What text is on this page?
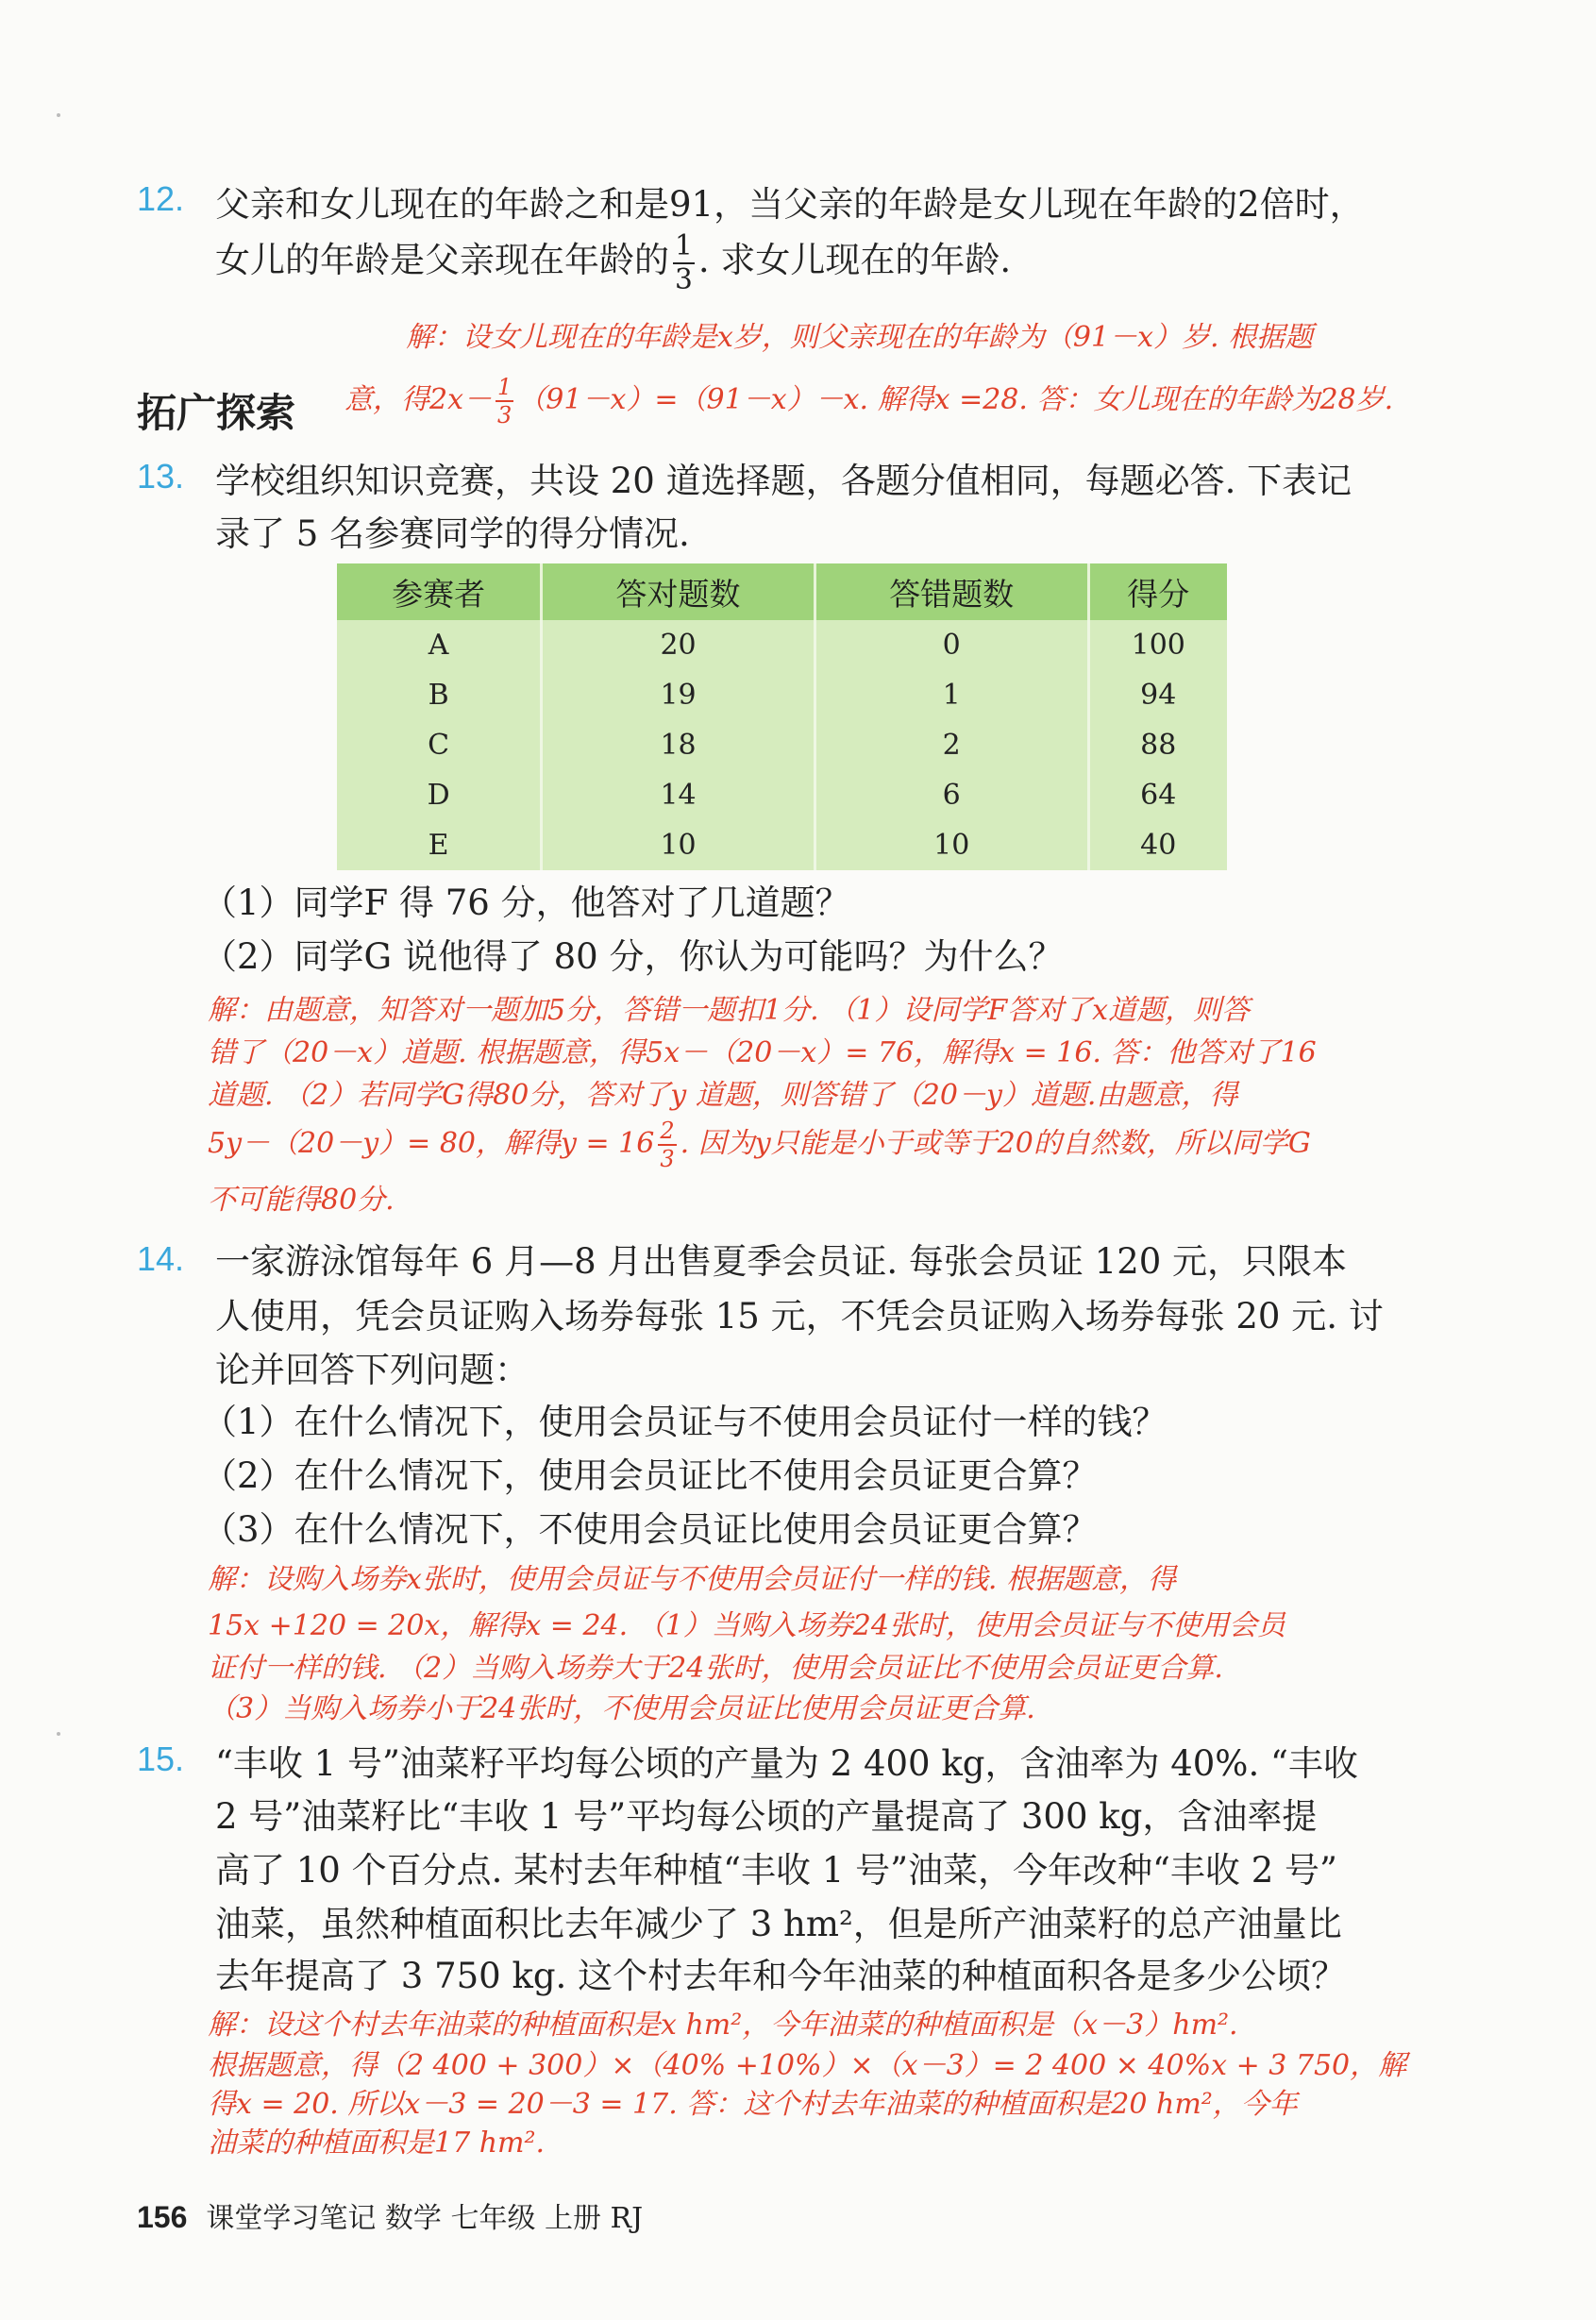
12. 父亲和女儿现在的年龄之和是91，当父亲的年龄是女儿现在年龄的2倍时，
女儿的年龄是父亲现在年龄的 $\frac{1}{3}$ . 求女儿现在的年龄.
解：设女儿现在的年龄是x岁，则父亲现在的年龄为（91－x）岁. 根据题
意，得$2x- \frac{1}{3} (91-x)=(91-x)-x$. 解得x =28. 答：女儿现在的年龄为28岁.
拓广探索
13. 学校组织知识竞赛，共设 20 道选择题，各题分值相同，每题必答. 下表记
录了 5 名参赛同学的得分情况.
参赛者	答对题数	答错题数	得分
A	20	0	100
B	19	1	94
C	18	2	88
D	14	6	64
E	10	10	40
（1）同学F 得 76 分，他答对了几道题？
（2）同学G 说他得了 80 分，你认为可能吗？为什么？
解：由题意，知答对一题加5分，答错一题扣1分. （1）设同学F答对了x道题，则答
错了（20－x）道题. 根据题意，得5x－（20－x）= 76，解得x = 16. 答：他答对了16
道题. （2）若同学G得80分，答对了y 道题，则答错了（20－y）道题.由题意，得
5y－（20－y）= 80，解得$y = 16 \frac{2}{3}$ . 因为y只能是小于或等于20的自然数，所以同学G
不可能得80分.
14. 一家游泳馆每年 6 月—8 月出售夏季会员证. 每张会员证 120 元，只限本
人使用，凭会员证购入场券每张 15 元，不凭会员证购入场券每张 20 元. 讨
论并回答下列问题：
（1）在什么情况下，使用会员证与不使用会员证付一样的钱？
（2）在什么情况下，使用会员证比不使用会员证更合算？
（3）在什么情况下，不使用会员证比使用会员证更合算？
解：设购入场券x张时，使用会员证与不使用会员证付一样的钱. 根据题意，得
15x +120 = 20x，解得x = 24. （1）当购入场券24张时，使用会员证与不使用会员
证付一样的钱. （2）当购入场券大于24张时，使用会员证比不使用会员证更合算.
（3）当购入场券小于24张时，不使用会员证比使用会员证更合算.
15. “丰收 1 号”油菜籽平均每公顷的产量为 2 400 kg，含油率为 40%. “丰收
2 号”油菜籽比“丰收 1 号”平均每公顷的产量提高了 300 kg，含油率提
高了 10 个百分点. 某村去年种植“丰收 1 号”油菜，今年改种“丰收 2 号”
油菜，虽然种植面积比去年减少了 3 hm²，但是所产油菜籽的总产油量比
去年提高了 3 750 kg. 这个村去年和今年油菜的种植面积各是多少公顷？
解：设这个村去年油菜的种植面积是x hm²，今年油菜的种植面积是（x－3）hm².
根据题意，得（2 400 + 300）×（40% +10%）×（x－3）= 2 400 × 40%x + 3 750，解
得x = 20. 所以x－3 = 20－3 = 17. 答：这个村去年油菜的种植面积是20 hm²，今年
油菜的种植面积是17 hm².
156 课堂学习笔记 数学 七年级 上册 RJ
